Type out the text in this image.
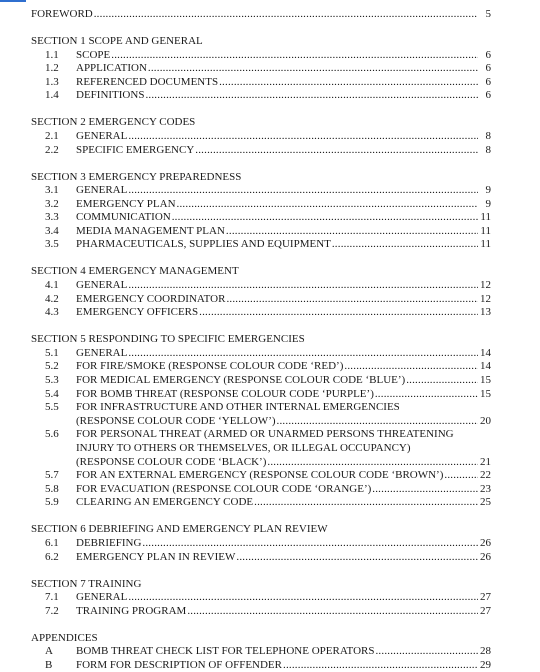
FOREWORD .....	5
SECTION 1 SCOPE AND GENERAL
1.1	SCOPE .....	6
1.2	APPLICATION .....	6
1.3	REFERENCED DOCUMENTS .....	6
1.4	DEFINITIONS .....	6
SECTION 2 EMERGENCY CODES
2.1	GENERAL .....	8
2.2	SPECIFIC EMERGENCY .....	8
SECTION 3 EMERGENCY PREPAREDNESS
3.1	GENERAL .....	9
3.2	EMERGENCY PLAN .....	9
3.3	COMMUNICATION .....	11
3.4	MEDIA MANAGEMENT PLAN .....	11
3.5	PHARMACEUTICALS, SUPPLIES AND EQUIPMENT .....	11
SECTION 4 EMERGENCY MANAGEMENT
4.1	GENERAL .....	12
4.2	EMERGENCY COORDINATOR .....	12
4.3	EMERGENCY OFFICERS .....	13
SECTION 5 RESPONDING TO SPECIFIC EMERGENCIES
5.1	GENERAL .....	14
5.2	FOR FIRE/SMOKE (RESPONSE COLOUR CODE ‘RED’) .....	14
5.3	FOR MEDICAL EMERGENCY (RESPONSE COLOUR CODE ‘BLUE’) .....	15
5.4	FOR BOMB THREAT (RESPONSE COLOUR CODE ‘PURPLE’) .....	15
5.5	FOR INFRASTRUCTURE AND OTHER INTERNAL EMERGENCIES
(RESPONSE COLOUR CODE ‘YELLOW’) .....	20
5.6	FOR PERSONAL THREAT (ARMED OR UNARMED PERSONS THREATENING
INJURY TO OTHERS OR THEMSELVES, OR ILLEGAL OCCUPANCY)
(RESPONSE COLOUR CODE ‘BLACK’) .....	21
5.7	FOR AN EXTERNAL EMERGENCY (RESPONSE COLOUR CODE ‘BROWN’) .....	22
5.8	FOR EVACUATION (RESPONSE COLOUR CODE ‘ORANGE’) .....	23
5.9	CLEARING AN EMERGENCY CODE .....	25
SECTION 6 DEBRIEFING AND EMERGENCY PLAN REVIEW
6.1	DEBRIEFING .....	26
6.2	EMERGENCY PLAN IN REVIEW .....	26
SECTION 7 TRAINING
7.1	GENERAL .....	27
7.2	TRAINING PROGRAM .....	27
APPENDICES
A	BOMB THREAT CHECK LIST FOR TELEPHONE OPERATORS .....	28
B	FORM FOR DESCRIPTION OF OFFENDER .....	29
